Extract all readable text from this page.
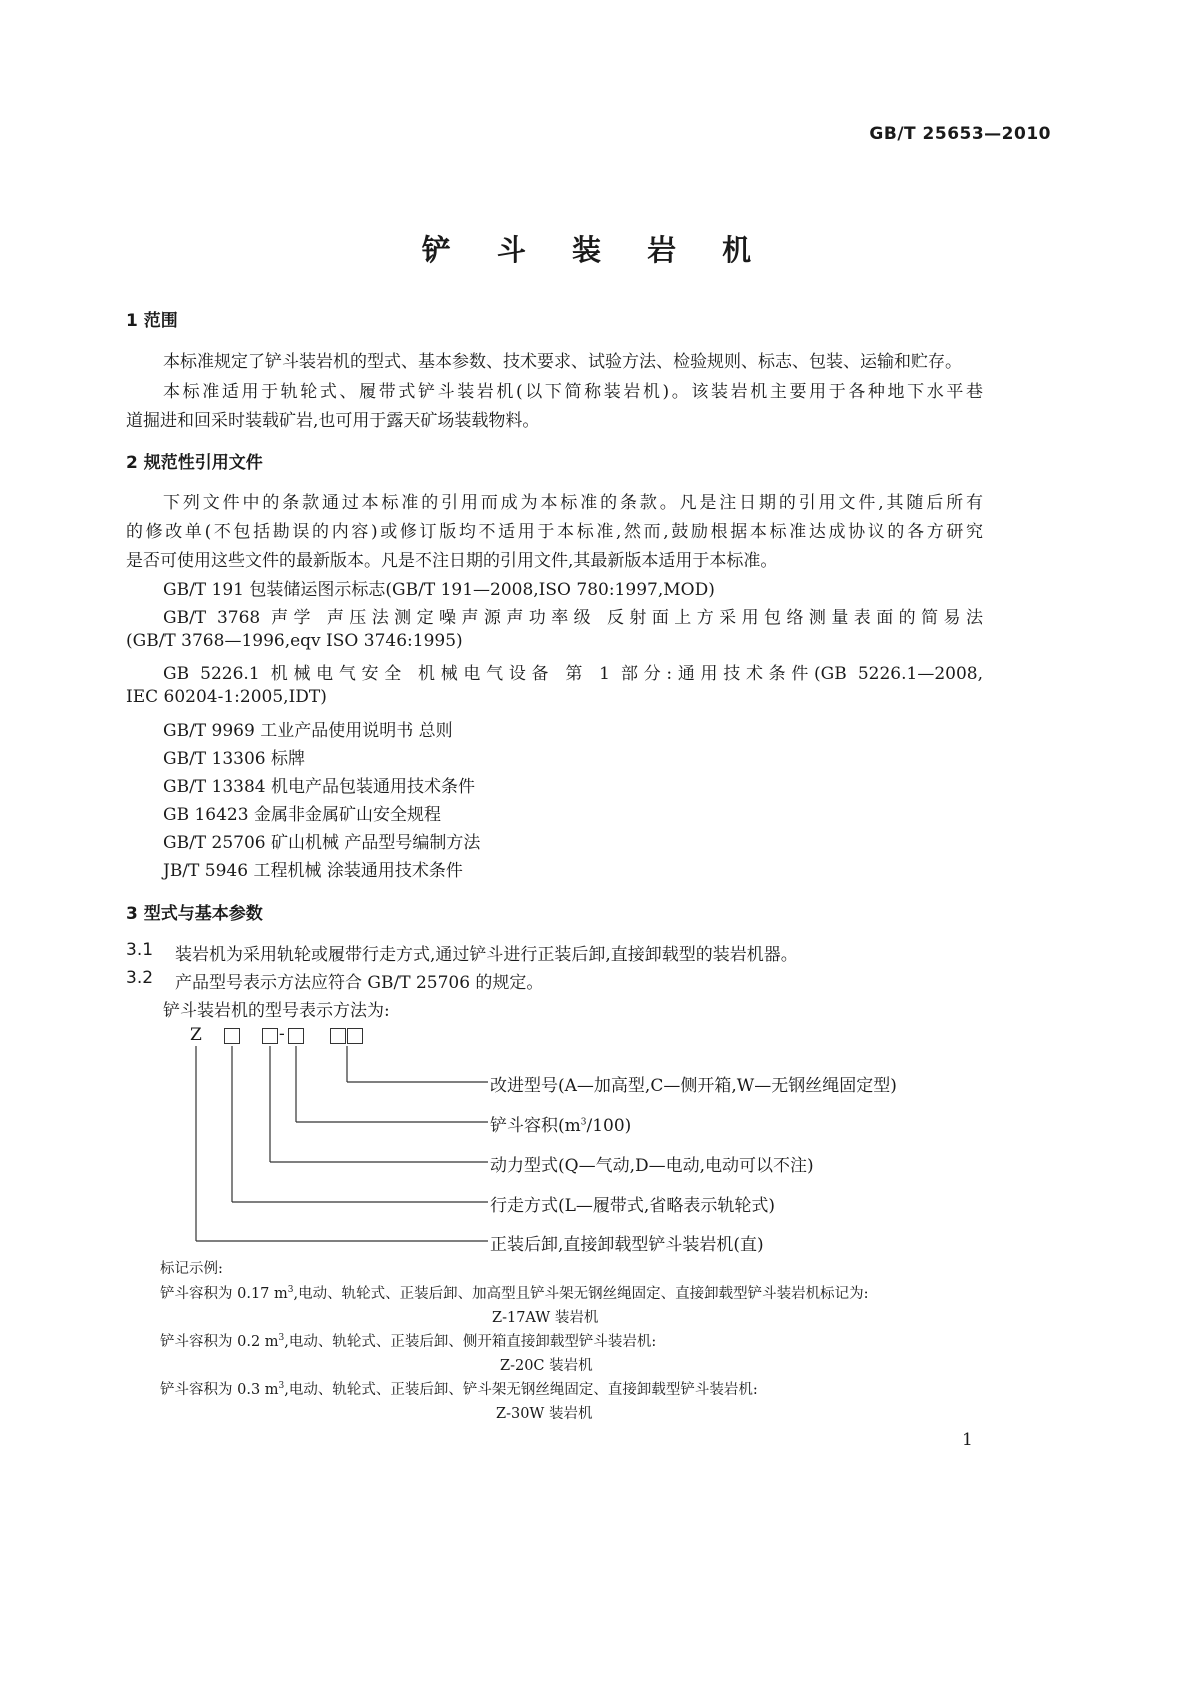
GB/T 25653—2010
铲 斗 装 岩 机
1 范围
本标准规定了铲斗装岩机的型式、基本参数、技术要求、试验方法、检验规则、标志、包装、运输和贮存。
本标准适用于轨轮式、履带式铲斗装岩机(以下简称装岩机)。该装岩机主要用于各种地下水平巷
道掘进和回采时装载矿岩,也可用于露天矿场装载物料。
2 规范性引用文件
下列文件中的条款通过本标准的引用而成为本标准的条款。凡是注日期的引用文件,其随后所有
的修改单(不包括勘误的内容)或修订版均不适用于本标准,然而,鼓励根据本标准达成协议的各方研究
是否可使用这些文件的最新版本。凡是不注日期的引用文件,其最新版本适用于本标准。
GB/T 191 包装储运图示标志(GB/T 191—2008,ISO 780:1997,MOD)
GB/T 3768 声学 声压法测定噪声源声功率级 反射面上方采用包络测量表面的简易法
(GB/T 3768—1996,eqv ISO 3746:1995)
GB 5226.1 机械电气安全 机械电气设备 第 1 部分:通用技术条件(GB 5226.1—2008,
IEC 60204-1:2005,IDT)
GB/T 9969 工业产品使用说明书 总则
GB/T 13306 标牌
GB/T 13384 机电产品包装通用技术条件
GB 16423 金属非金属矿山安全规程
GB/T 25706 矿山机械 产品型号编制方法
JB/T 5946 工程机械 涂装通用技术条件
3 型式与基本参数
3.1 装岩机为采用轨轮或履带行走方式,通过铲斗进行正装后卸,直接卸载型的装岩机器。
3.2 产品型号表示方法应符合 GB/T 25706 的规定。
铲斗装岩机的型号表示方法为:
Z	-
改进型号(A—加高型,C—侧开箱,W—无钢丝绳固定型)
铲斗容积$(m^3/100)$
动力型式(Q—气动,D—电动,电动可以不注)
行走方式(L—履带式,省略表示轨轮式)
正装后卸,直接卸载型铲斗装岩机(直)
标记示例:
铲斗容积为 0.17 $m^3$,电动、轨轮式、正装后卸、加高型且铲斗架无钢丝绳固定、直接卸载型铲斗装岩机标记为:
Z-17AW 装岩机
铲斗容积为 0.2 $m^3$,电动、轨轮式、正装后卸、侧开箱直接卸载型铲斗装岩机:
Z-20C 装岩机
铲斗容积为 0.3 $m^3$,电动、轨轮式、正装后卸、铲斗架无钢丝绳固定、直接卸载型铲斗装岩机:
Z-30W 装岩机
1
